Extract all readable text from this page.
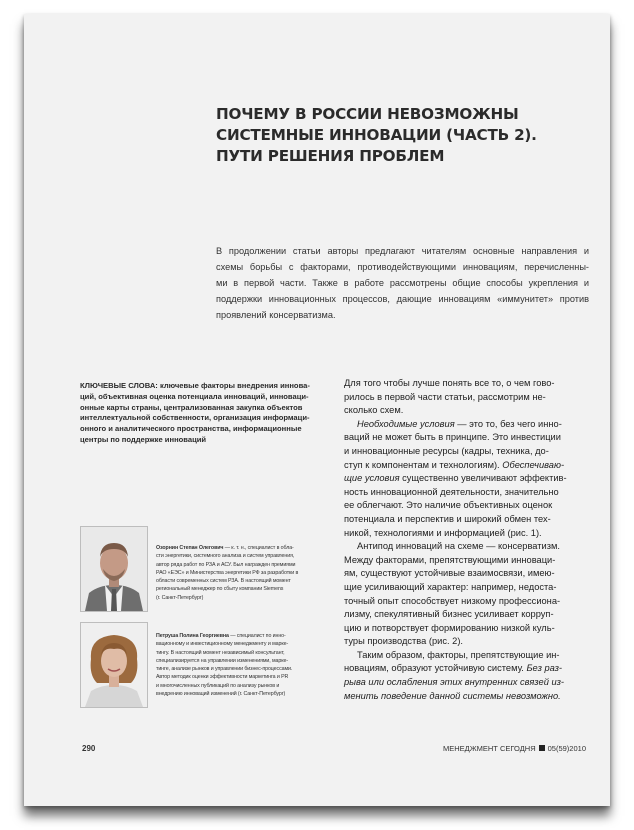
ПОЧЕМУ В РОССИИ НЕВОЗМОЖНЫ
СИСТЕМНЫЕ ИННОВАЦИИ (ЧАСТЬ 2).
ПУТИ РЕШЕНИЯ ПРОБЛЕМ
В продолжении статьи авторы предлагают читателям основные направления и
схемы борьбы с факторами, противодействующими инновациям, перечисленны-
ми в первой части. Также в работе рассмотрены общие способы укрепления и
поддержки инновационных процессов, дающие инновациям «иммунитет» против
проявлений консерватизма.
КЛЮЧЕВЫЕ СЛОВА: ключевые факторы внедрения иннова-
ций, объективная оценка потенциала инноваций, инноваци-
онные карты страны, централизованная закупка объектов
интеллектуальной собственности, организация информаци-
онного и аналитического пространства, информационные
центры по поддержке инноваций
Для того чтобы лучше понять все то, о чем гово-
рилось в первой части статьи, рассмотрим не-
сколько схем.
Необходимые условия — это то, без чего инно-
ваций не может быть в принципе. Это инвестиции
и инновационные ресурсы (кадры, техника, до-
ступ к компонентам и технологиям). Обеспечиваю-
щие условия существенно увеличивают эффектив-
ность инновационной деятельности, значительно
ее облегчают. Это наличие объективных оценок
потенциала и перспектив и широкий обмен тех-
никой, технологиями и информацией (рис. 1).
Антипод инноваций на схеме — консерватизм.
Между факторами, препятствующими инноваци-
ям, существуют устойчивые взаимосвязи, имею-
щие усиливающий характер: например, недоста-
точный опыт способствует низкому профессиона-
лизму, спекулятивный бизнес усиливает корруп-
цию и потворствует формированию низкой куль-
туры производства (рис. 2).
Таким образом, факторы, препятствующие ин-
новациям, образуют устойчивую систему. Без раз-
рыва или ослабления этих внутренних связей из-
менить поведение данной системы невозможно.
Озорнин Степан Олегович — к. т. н., специалист в обла-
сти энергетики, системного анализа и систем управления,
автор ряда работ по РЗА и АСУ. Был награжден премиями
РАО «ЕЭС» и Министерства энергетики РФ за разработки в
области современных систем РЗА. В настоящий момент
региональный менеджер по сбыту компании Siemens
(г. Санкт-Петербург)
Петруша Полина Георгиевна — специалист по инно-
вационному и инвестиционному менеджменту и марке-
тингу. В настоящий момент независимый консультант,
специализируется на управлении изменениями, марке-
тинге, анализе рынков и управлении бизнес-процессами.
Автор методик оценки эффективности маркетинга и PR
и многочисленных публикаций по анализу рынков и
внедрению инноваций изменений (г. Санкт-Петербург)
290	МЕНЕДЖМЕНТ СЕГОДНЯ 05(59)2010
